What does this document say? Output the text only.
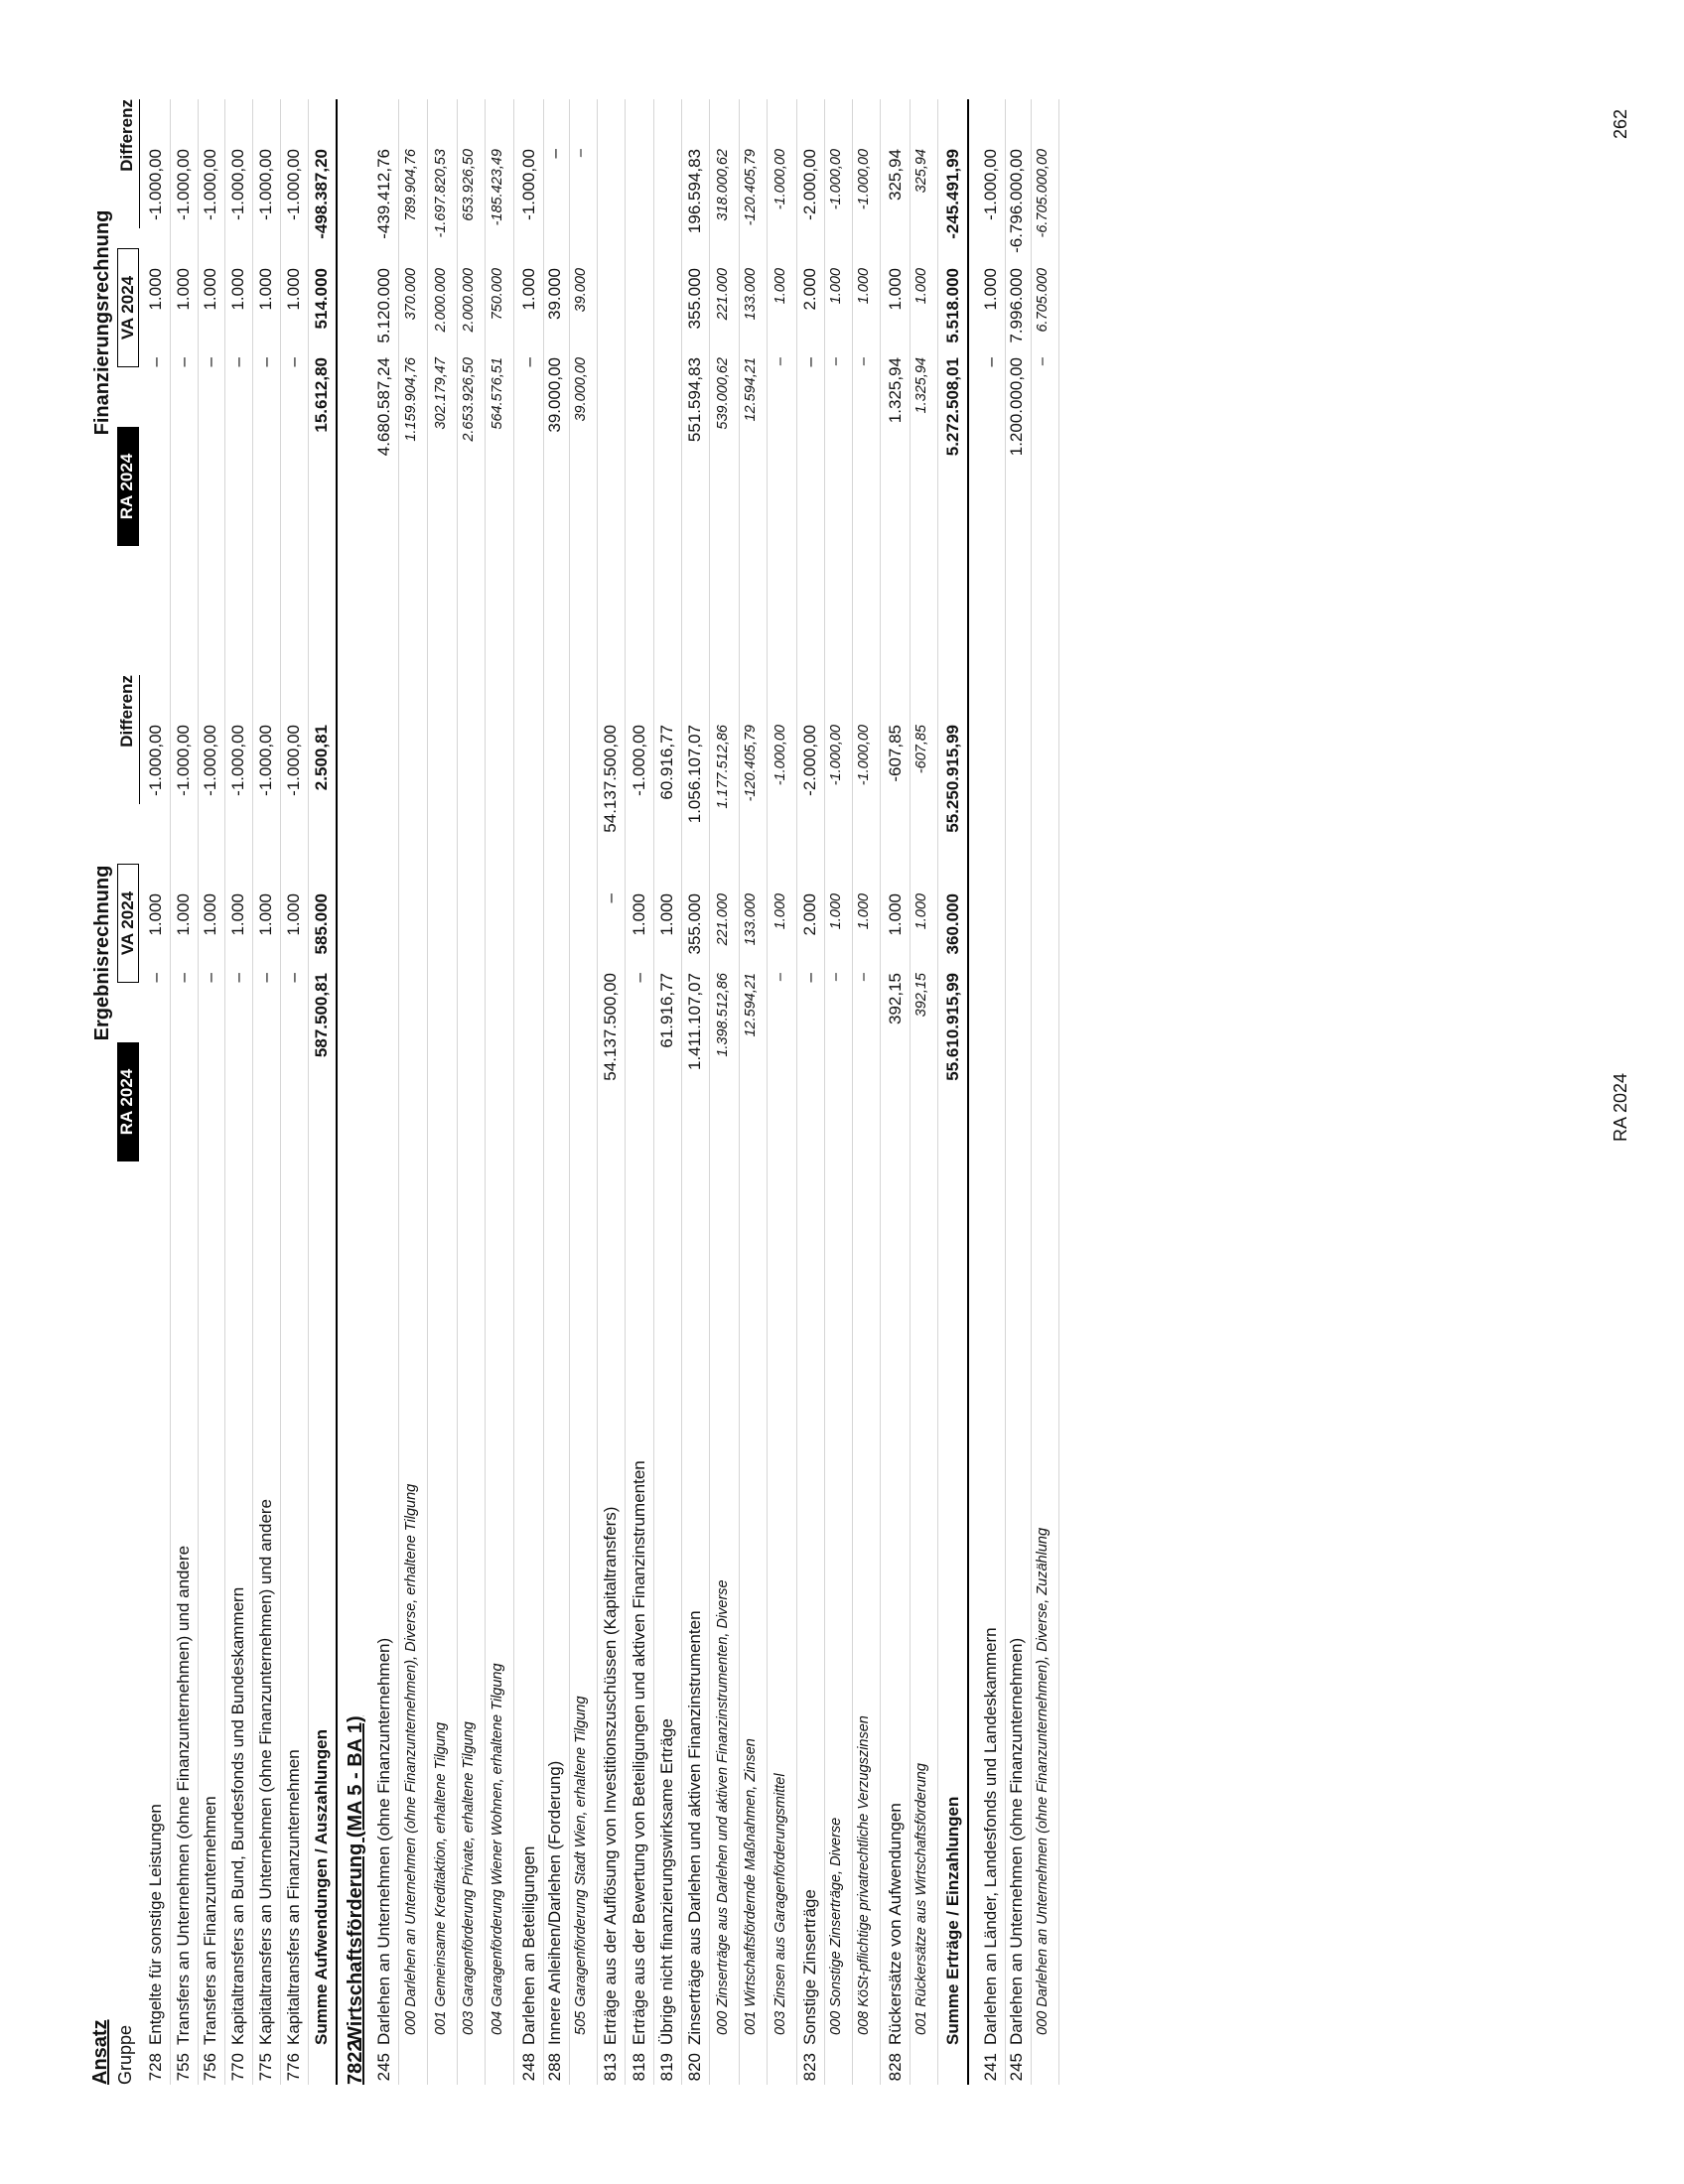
Ansatz Gruppe
Ergebnisrechnung
Finanzierungsrechnung
RA 2024
VA 2024
Differenz
RA 2024
VA 2024
Differenz
728
Entgelte für sonstige Leistungen
–
1.000
-1.000,00
–
1.000
-1.000,00
755
Transfers an Unternehmen (ohne Finanzunternehmen) und andere
–
1.000
-1.000,00
–
1.000
-1.000,00
756
Transfers an Finanzunternehmen
–
1.000
-1.000,00
–
1.000
-1.000,00
770
Kapitaltransfers an Bund, Bundesfonds und Bundeskammern
–
1.000
-1.000,00
–
1.000
-1.000,00
775
Kapitaltransfers an Unternehmen (ohne Finanzunternehmen) und andere
–
1.000
-1.000,00
–
1.000
-1.000,00
776
Kapitaltransfers an Finanzunternehmen
–
1.000
-1.000,00
–
1.000
-1.000,00
Summe Aufwendungen / Auszahlungen
587.500,81
585.000
2.500,81
15.612,80
514.000
-498.387,20
7822
Wirtschaftsförderung (MA 5 - BA 1)
245
Darlehen an Unternehmen (ohne Finanzunternehmen)
4.680.587,24
5.120.000
-439.412,76
000 Darlehen an Unternehmen (ohne Finanzunternehmen), Diverse, erhaltene Tilgung
1.159.904,76
370.000
789.904,76
001 Gemeinsame Kreditaktion, erhaltene Tilgung
302.179,47
2.000.000
-1.697.820,53
003 Garagenförderung Private, erhaltene Tilgung
2.653.926,50
2.000.000
653.926,50
004 Garagenförderung Wiener Wohnen, erhaltene Tilgung
564.576,51
750.000
-185.423,49
248
Darlehen an Beteiligungen
–
1.000
-1.000,00
288
Innere Anleihen/Darlehen (Forderung)
39.000,00
39.000
–
505 Garagenförderung Stadt Wien, erhaltene Tilgung
39.000,00
39.000
–
813
Erträge aus der Auflösung von Investitionszuschüssen (Kapitaltransfers)
54.137.500,00
–
54.137.500,00
818
Erträge aus der Bewertung von Beteiligungen und aktiven Finanzinstrumenten
–
1.000
-1.000,00
819
Übrige nicht finanzierungswirksame Erträge
61.916,77
1.000
60.916,77
820
Zinserträge aus Darlehen und aktiven Finanzinstrumenten
1.411.107,07
355.000
1.056.107,07
551.594,83
355.000
196.594,83
000 Zinserträge aus Darlehen und aktiven Finanzinstrumenten, Diverse
1.398.512,86
221.000
1.177.512,86
539.000,62
221.000
318.000,62
001 Wirtschaftsfördernde Maßnahmen, Zinsen
12.594,21
133.000
-120.405,79
12.594,21
133.000
-120.405,79
003 Zinsen aus Garagenförderungsmittel
–
1.000
-1.000,00
–
1.000
-1.000,00
823
Sonstige Zinserträge
–
2.000
-2.000,00
–
2.000
-2.000,00
000 Sonstige Zinserträge, Diverse
–
1.000
-1.000,00
–
1.000
-1.000,00
008 KöSt-pflichtige privatrechtliche Verzugszinsen
–
1.000
-1.000,00
–
1.000
-1.000,00
828
Rückersätze von Aufwendungen
392,15
1.000
-607,85
1.325,94
1.000
325,94
001 Rückersätze aus Wirtschaftsförderung
392,15
1.000
-607,85
1.325,94
1.000
325,94
Summe Erträge / Einzahlungen
55.610.915,99
360.000
55.250.915,99
5.272.508,01
5.518.000
-245.491,99
241
Darlehen an Länder, Landesfonds und Landeskammern
–
1.000
-1.000,00
245
Darlehen an Unternehmen (ohne Finanzunternehmen)
1.200.000,00
7.996.000
-6.796.000,00
000 Darlehen an Unternehmen (ohne Finanzunternehmen), Diverse, Zuzählung
–
6.705.000
-6.705.000,00
RA 2024
262
